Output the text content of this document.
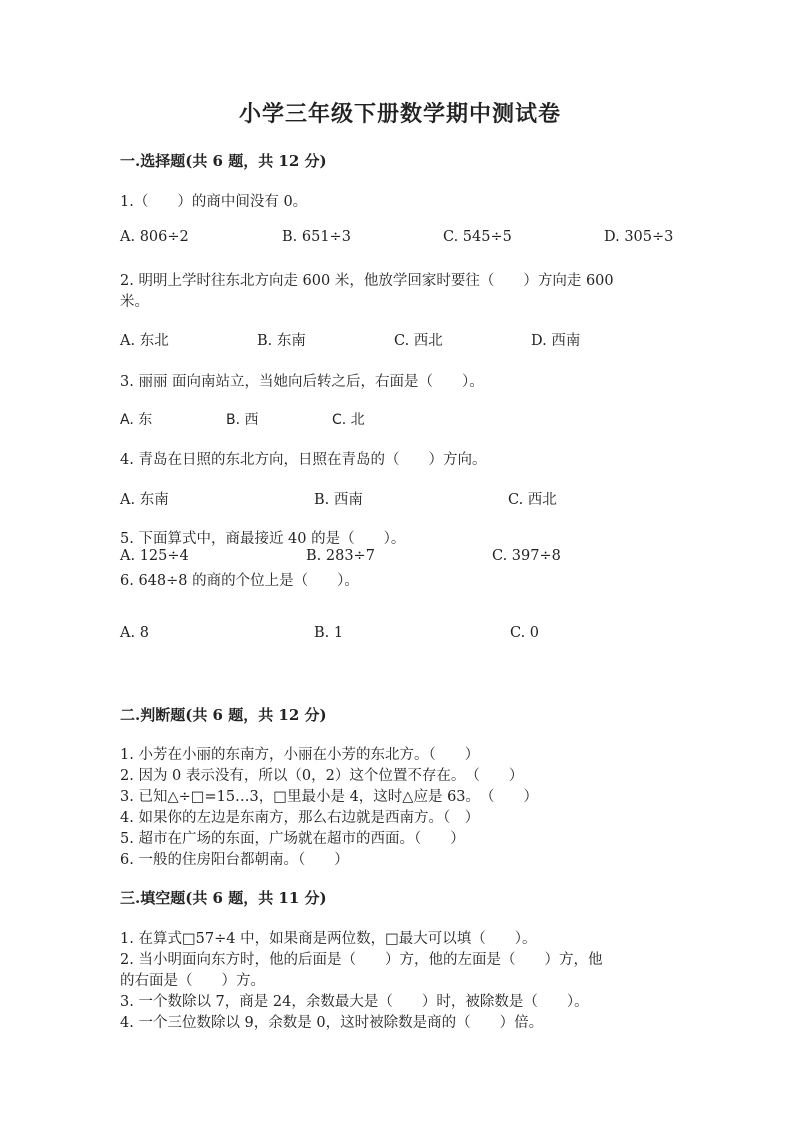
小学三年级下册数学期中测试卷
一.选择题(共 6 题，共 12 分)
1.（　　）的商中间没有 0。
A. 806÷2	B. 651÷3	C. 545÷5	D. 305÷3
2. 明明上学时往东北方向走 600 米，他放学回家时要往（　　）方向走 600
米。
A. 东北	B. 东南	C. 西北	D. 西南
3. 丽丽 面向南站立，当她向后转之后，右面是（　　）。
A. 东	B. 西	C. 北
4. 青岛在日照的东北方向，日照在青岛的（　　）方向。
A. 东南	B. 西南	C. 西北
5. 下面算式中，商最接近 40 的是（　　）。
A. 125÷4	B. 283÷7	C. 397÷8
6. 648÷8 的商的个位上是（　　）。
A. 8	B. 1	C. 0
二.判断题(共 6 题，共 12 分)
1. 小芳在小丽的东南方，小丽在小芳的东北方。（　　）
2. 因为 0 表示没有，所以（0，2）这个位置不存在。　（　　）
3. 已知△÷□=15…3，□里最小是 4，这时△应是 63。　（　　）
4. 如果你的左边是东南方，那么右边就是西南方。（　）
5. 超市在广场的东面，广场就在超市的西面。（　　）
6. 一般的住房阳台都朝南。（　　）
三.填空题(共 6 题，共 11 分)
1. 在算式□57÷4 中，如果商是两位数，□最大可以填（　　）。
2. 当小明面向东方时，他的后面是（　　）方，他的左面是（　　）方，他
的右面是（　　）方。
3. 一个数除以 7，商是 24，余数最大是（　　）时，被除数是（　　）。
4. 一个三位数除以 9，余数是 0，这时被除数是商的（　　）倍。
